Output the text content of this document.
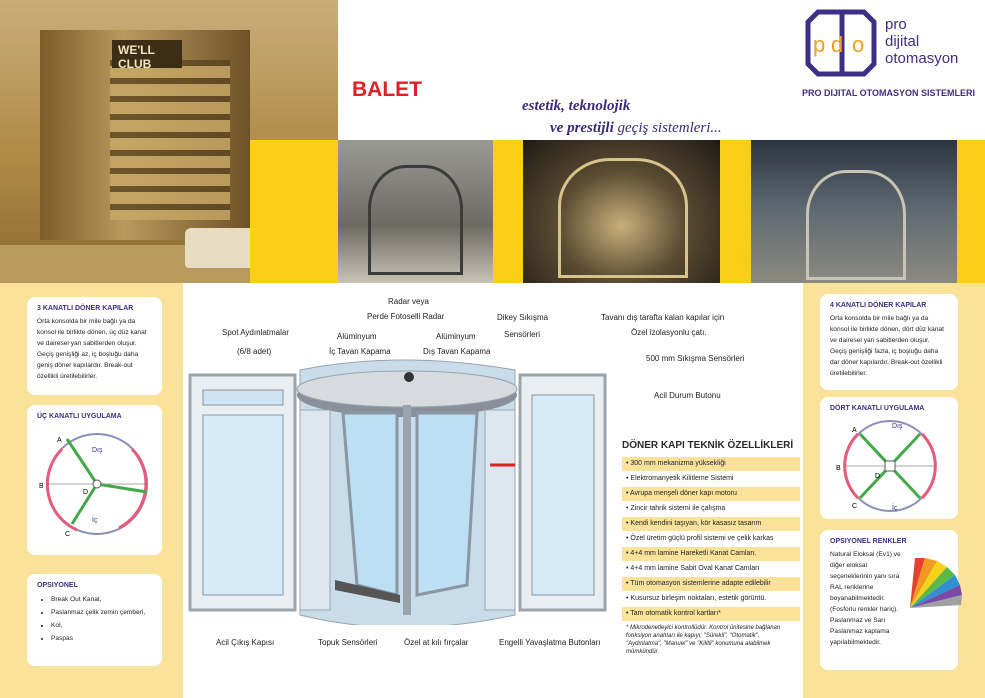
WE'LL CLUB
BALET
estetik, teknolojik
ve prestijli geçiş sistemleri...
p d o
pro
dijital
otomasyon
PRO DIJITAL OTOMASYON SISTEMLERI
3 KANATLI DÖNER KAPILAR

Orta konsolda bir mile bağlı ya da konsol ile birlikte dönen, üç düz kanat ve dairesel yan sabitlerden oluşur. Geçiş genişliği az, iç boşluğu daha geniş döner kapılardır. Break-out özellikli üretilebilirler.

ÜÇ KANATLI UYGULAMA
A
B
C
D
Dış
İç
OPSIYONEL
• Break Out Kanat,
• Paslanmaz çelik zemin çemberi,
• Kol,
• Paspas
4 KANATLI DÖNER KAPILAR

Orta konsolda bir mile bağlı ya da konsol ile birlikte dönen, dört düz kanat ve dairesel yan sabitlerden oluşur. Geçiş genişliği fazla, iç boşluğu daha dar döner kapılardır. Break-out özellikli üretilebilirler.

DÖRT KANATLI UYGULAMA
A
B
C
D
Dış
İç
OPSIYONEL RENKLER

Natural Eloksal (Ev1) ve diğer eloksal seçeneklerinin yanı sıra RAL renklerine boyanabilmektedir. (Fosforlu renkler hariç). Paslanmaz ve Sarı Paslanmaz kaplama yapılabilmektedir.

Radar veya
Perde Fotoselli Radar	Dikey Sıkışma
Sensörleri
Tavanı dış tarafta kalan kapılar için
Özel izolasyonlu çatı.
Spot Aydınlatmalar
(6/8 adet)
Alüminyum
İç Tavan Kapama
Alüminyum
Dış Tavan Kapama
500 mm Sıkışma Sensörleri
Acil Durum Butonu
Acil Çıkış Kapısı	Topuk Sensörleri	Özel at kılı fırçalar	Engelli Yavaşlatma Butonları
DÖNER KAPI TEKNİK ÖZELLİKLERİ
• 300 mm mekanizma yüksekliği
• Elektromanyetik Kilitleme Sistemi
• Avrupa menşeli döner kapı motoru
• Zincir tahrik sistemi ile çalışma
• Kendi kendini taşıyan, kör kasasız tasarım
• Özel üretim güçlü profil sistemi ve çelik karkas
• 4+4 mm lamine Hareketli Kanat Camları.
• 4+4 mm lamine Sabit Oval Kanat Camları
• Tüm otomasyon sistemlerine adapte edilebilir
• Kusursuz birleşim noktaları, estetik görüntü.
• Tam otomatik kontrol kartları*
* Mikrodenetleyici kontrollüdür. Kontrol ünitesine bağlanan fonksiyon anahtarı ile kapıyı; "Sürekli", "Otomatik", "Aydınlatma", "Manuel" ve "Kilitli" konumuna alabilmek mümkündür.
